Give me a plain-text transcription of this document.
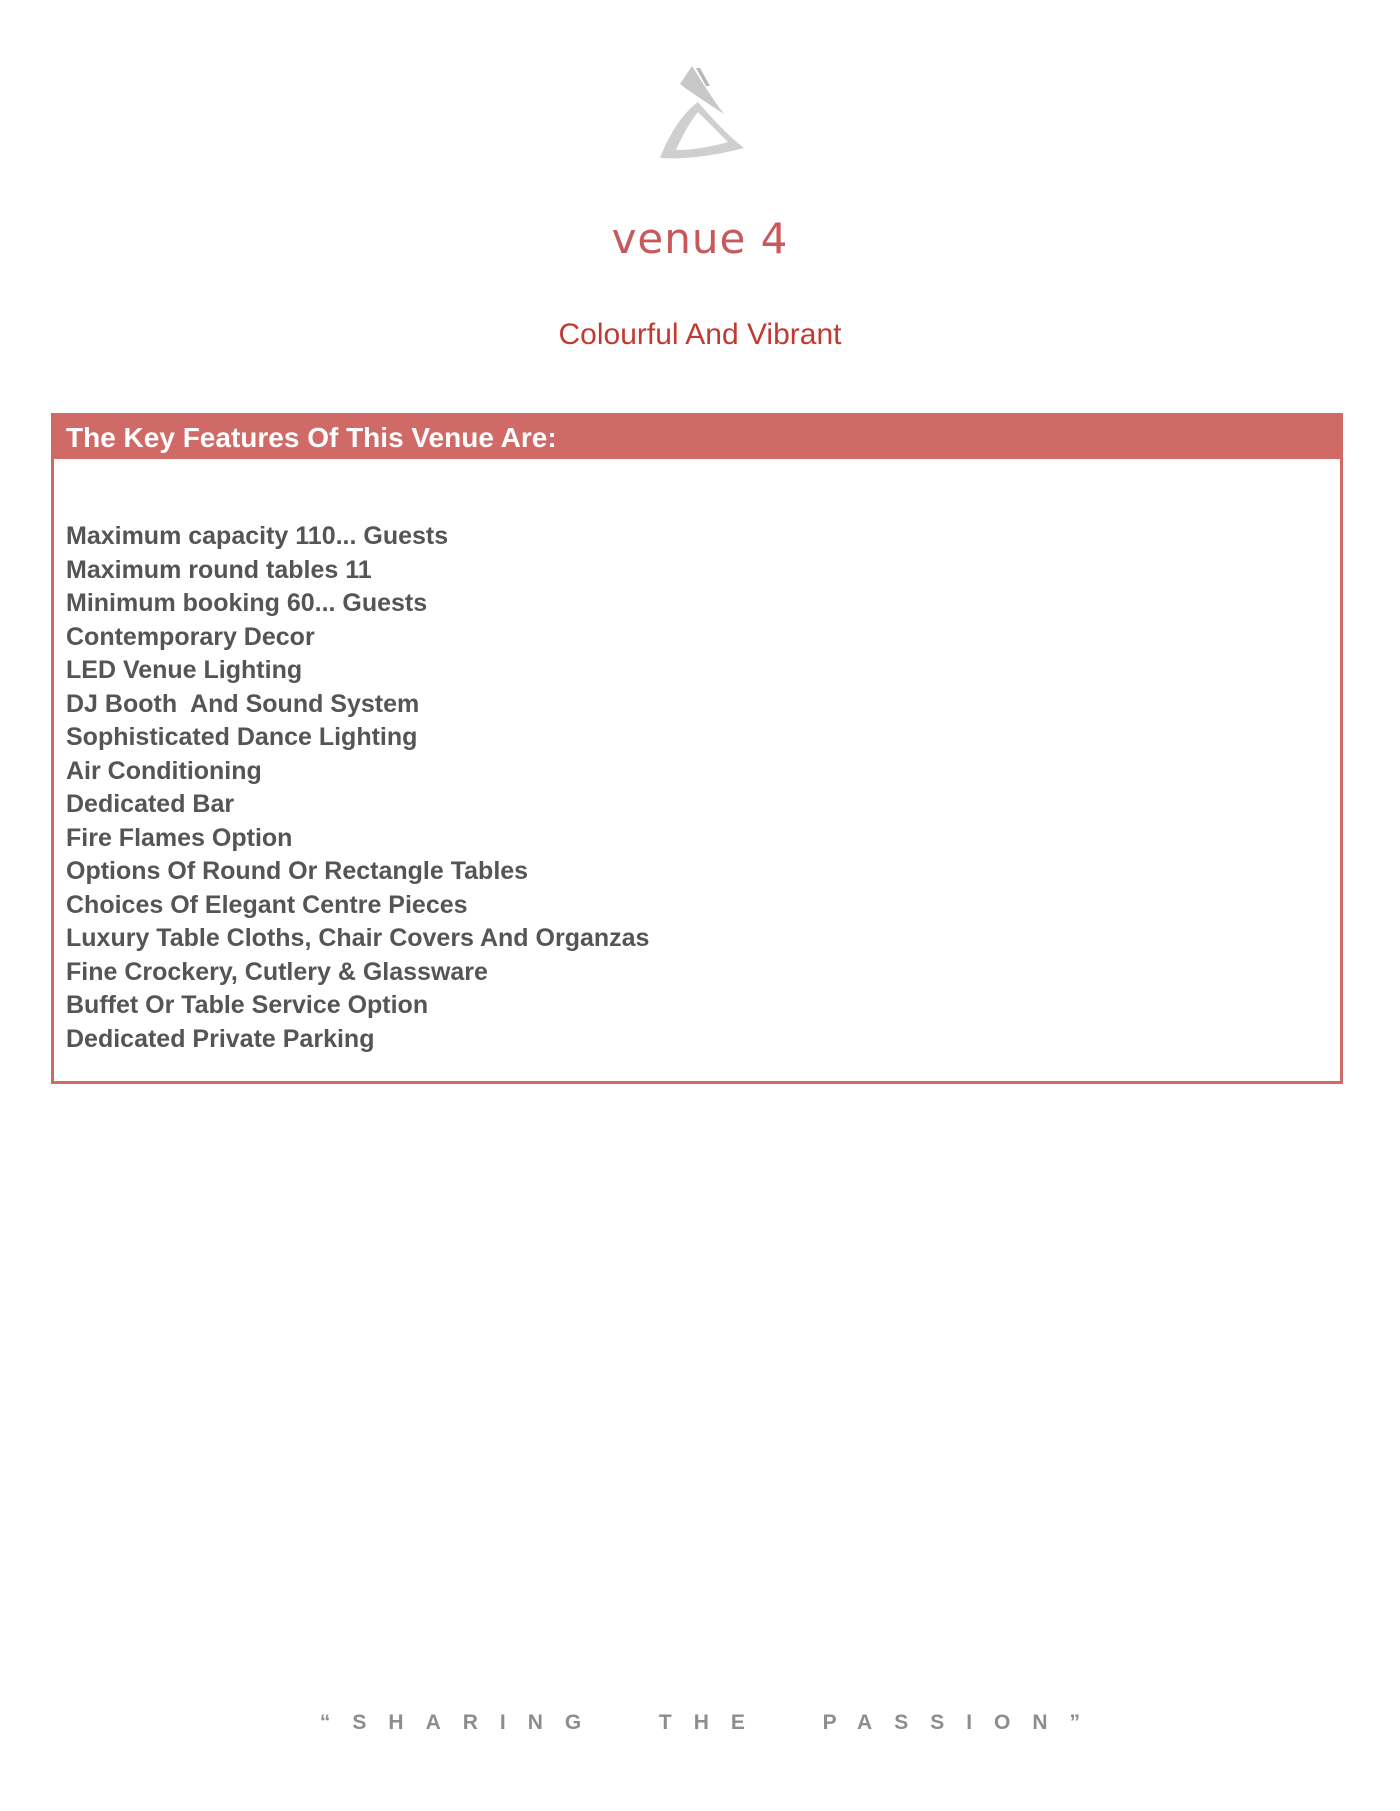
venue 4
Colourful And Vibrant
The Key Features Of This Venue Are:
Maximum capacity 110... Guests
Maximum round tables 11
Minimum booking 60... Guests
Contemporary Decor
LED Venue Lighting
DJ Booth  And Sound System
Sophisticated Dance Lighting
Air Conditioning
Dedicated Bar
Fire Flames Option
Options Of Round Or Rectangle Tables
Choices Of Elegant Centre Pieces
Luxury Table Cloths, Chair Covers And Organzas
Fine Crockery, Cutlery & Glassware
Buffet Or Table Service Option
Dedicated Private Parking
“SHARING  THE  PASSION”
